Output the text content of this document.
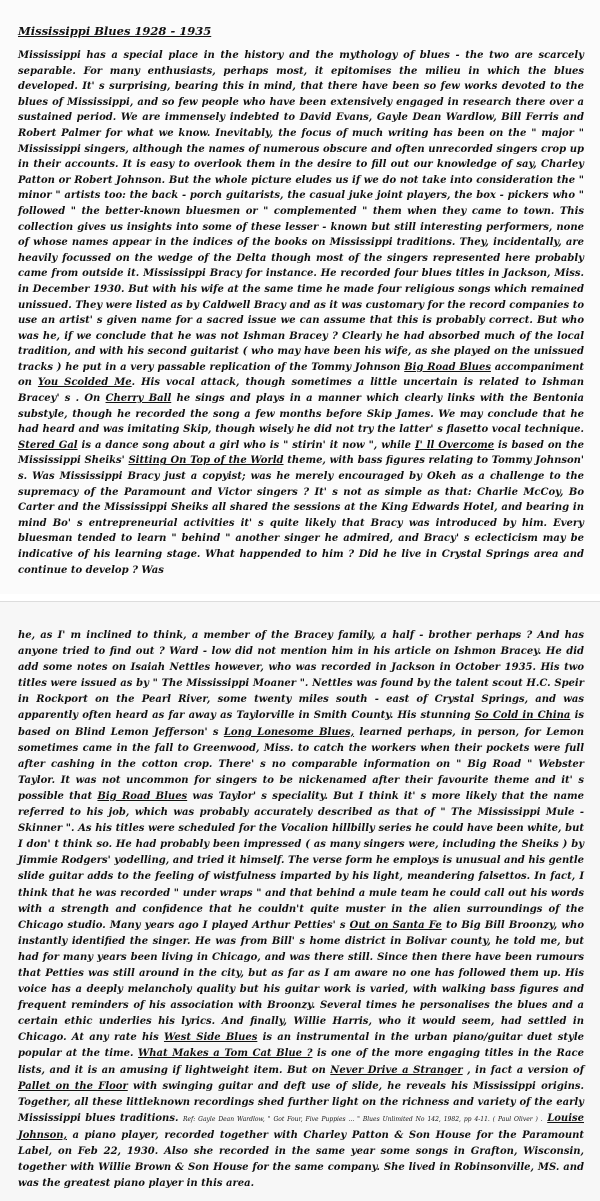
Mississippi Blues 1928 - 1935

Mississippi has a special place in the history and the mythology of blues - the two are scarcely separable. For many enthusiasts, perhaps most, it epitomises the milieu in which the blues developed. It' s surprising, bearing this in mind, that there have been so few works devoted to the blues of Mississippi, and so few people who have been extensively engaged in research there over a sustained period. We are immensely indebted to David Evans, Gayle Dean Wardlow, Bill Ferris and Robert Palmer for what we know. Inevitably, the focus of much writing has been on the " major " Mississippi singers, although the names of numerous obscure and often unrecorded singers crop up in their accounts. It is easy to overlook them in the desire to fill out our knowledge of say, Charley Patton or Robert Johnson. But the whole picture eludes us if we do not take into consideration the " minor " artists too: the back - porch guitarists, the casual juke joint players, the box - pickers who " followed " the better-known bluesmen or " complemented " them when they came to town. This collection gives us insights into some of these lesser - known but still interesting performers, none of whose names appear in the indices of the books on Mississippi traditions. They, incidentally, are heavily focussed on the wedge of the Delta though most of the singers represented here probably came from outside it. Mississippi Bracy for instance. He recorded four blues titles in Jackson, Miss. in December 1930. But with his wife at the same time he made four religious songs which remained unissued. They were listed as by Caldwell Bracy and as it was customary for the record companies to use an artist' s given name for a sacred issue we can assume that this is probably correct. But who was he, if we conclude that he was not Ishman Bracey ? Clearly he had absorbed much of the local tradition, and with his second guitarist ( who may have been his wife, as she played on the unissued tracks ) he put in a very passable replication of the Tommy Johnson Big Road Blues accompaniment on You Scolded Me. His vocal attack, though sometimes a little uncertain is related to Ishman Bracey' s . On Cherry Ball he sings and plays in a manner which clearly links with the Bentonia substyle, though he recorded the song a few months before Skip James. We may conclude that he had heard and was imitating Skip, though wisely he did not try the latter' s flasetto vocal technique. Stered Gal is a dance song about a girl who is " stirin' it now ", while I' ll Overcome is based on the Mississippi Sheiks' Sitting On Top of the World theme, with bass figures relating to Tommy Johnson' s. Was Mississippi Bracy just a copyist; was he merely encouraged by Okeh as a challenge to the supremacy of the Paramount and Victor singers ? It' s not as simple as that: Charlie McCoy, Bo Carter and the Mississippi Sheiks all shared the sessions at the King Edwards Hotel, and bearing in mind Bo' s entrepreneurial activities it' s quite likely that Bracy was introduced by him. Every bluesman tended to learn " behind " another singer he admired, and Bracy' s eclecticism may be indicative of his learning stage. What happended to him ? Did he live in Crystal Springs area and continue to develop ? Was

he, as I' m inclined to think, a member of the Bracey family, a half - brother perhaps ? And has anyone tried to find out ? Ward - low did not mention him in his article on Ishmon Bracey. He did add some notes on Isaiah Nettles however, who was recorded in Jackson in October 1935. His two titles were issued as by " The Mississippi Moaner ". Nettles was found by the talent scout H.C. Speir in Rockport on the Pearl River, some twenty miles south - east of Crystal Springs, and was apparently often heard as far away as Taylorville in Smith County. His stunning So Cold in China is based on Blind Lemon Jefferson' s Long Lonesome Blues, learned perhaps, in person, for Lemon sometimes came in the fall to Greenwood, Miss. to catch the workers when their pockets were full after cashing in the cotton crop. There' s no comparable information on " Big Road " Webster Taylor. It was not uncommon for singers to be nickenamed after their favourite theme and it' s possible that Big Road Blues was Taylor' s speciality. But I think it' s more likely that the name referred to his job, which was probably accurately described as that of " The Mississippi Mule - Skinner ". As his titles were scheduled for the Vocalion hillbilly series he could have been white, but I don' t think so. He had probably been impressed ( as many singers were, including the Sheiks ) by Jimmie Rodgers' yodelling, and tried it himself. The verse form he employs is unusual and his gentle slide guitar adds to the feeling of wistfulness imparted by his light, meandering falsettos. In fact, I think that he was recorded " under wraps " and that behind a mule team he could call out his words with a strength and confidence that he couldn't quite muster in the alien surroundings of the Chicago studio. Many years ago I played Arthur Petties' s Out on Santa Fe to Big Bill Broonzy, who instantly identified the singer. He was from Bill' s home district in Bolivar county, he told me, but had for many years been living in Chicago, and was there still. Since then there have been rumours that Petties was still around in the city, but as far as I am aware no one has followed them up. His voice has a deeply melancholy quality but his guitar work is varied, with walking bass figures and frequent reminders of his association with Broonzy. Several times he personalises the blues and a certain ethic underlies his lyrics. And finally, Willie Harris, who it would seem, had settled in Chicago. At any rate his West Side Blues is an instrumental in the urban piano/guitar duet style popular at the time. What Makes a Tom Cat Blue ? is one of the more engaging titles in the Race lists, and it is an amusing if lightweight item. But on Never Drive a Stranger , in fact a version of Pallet on the Floor with swinging guitar and deft use of slide, he reveals his Mississippi origins. Together, all these littleknown recordings shed further light on the richness and variety of the early Mississippi blues traditions. Ref: Gayle Dean Wardlow, " Got Four, Five Puppies ... " Blues Unlimited No 142, 1982, pp 4-11. ( Paul Oliver ) . Louise Johnson, a piano player, recorded together with Charley Patton & Son House for the Paramount Label, on Feb 22, 1930. Also she recorded in the same year some songs in Grafton, Wisconsin, together with Willie Brown & Son House for the same company. She lived in Robinsonville, MS. and was the greatest piano player in this area.
